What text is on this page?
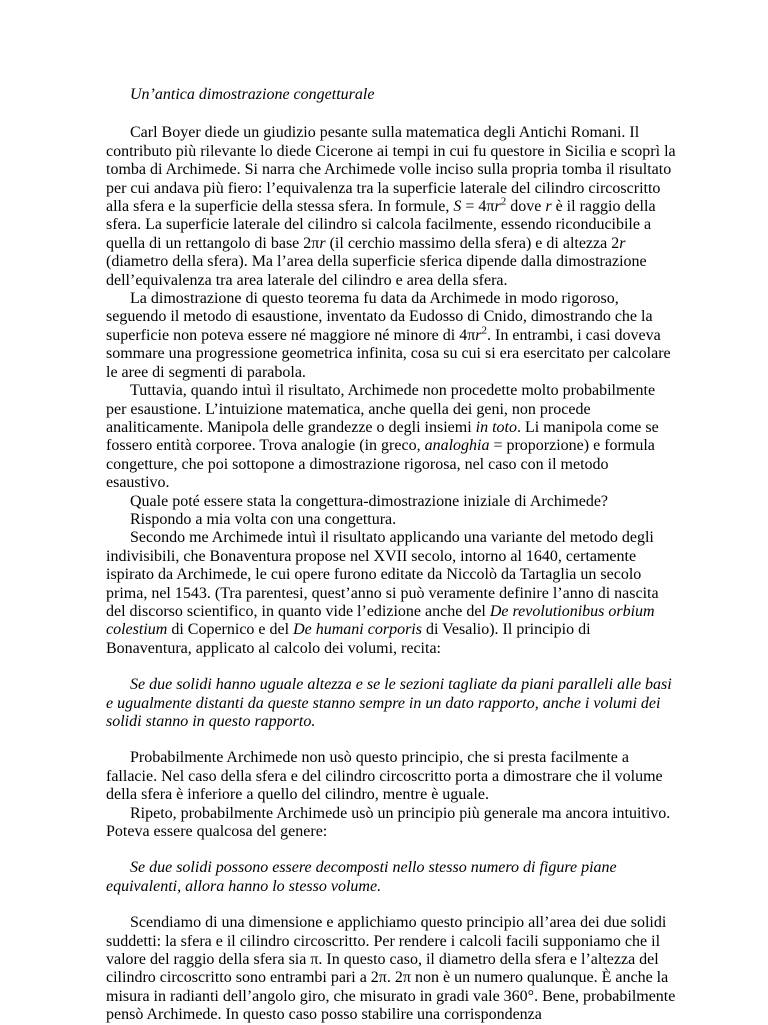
Un’antica dimostrazione congetturale

Carl Boyer diede un giudizio pesante sulla matematica degli Antichi Romani. Il contributo più rilevante lo diede Cicerone ai tempi in cui fu questore in Sicilia e scoprì la tomba di Archimede. Si narra che Archimede volle inciso sulla propria tomba il risultato per cui andava più fiero: l’equivalenza tra la superficie laterale del cilindro circoscritto alla sfera e la superficie della stessa sfera. In formule, $S = 4\pi r^2$ dove r è il raggio della sfera. La superficie laterale del cilindro si calcola facilmente, essendo riconducibile a quella di un rettangolo di base 2πr (il cerchio massimo della sfera) e di altezza 2r (diametro della sfera). Ma l’area della superficie sferica dipende dalla dimostrazione dell’equivalenza tra area laterale del cilindro e area della sfera.

La dimostrazione di questo teorema fu data da Archimede in modo rigoroso, seguendo il metodo di esaustione, inventato da Eudosso di Cnido, dimostrando che la superficie non poteva essere né maggiore né minore di $4\pi r^2$. In entrambi, i casi doveva sommare una progressione geometrica infinita, cosa su cui si era esercitato per calcolare le aree di segmenti di parabola.

Tuttavia, quando intuì il risultato, Archimede non procedette molto probabilmente per esaustione. L’intuizione matematica, anche quella dei geni, non procede analiticamente. Manipola delle grandezze o degli insiemi in toto. Li manipola come se fossero entità corporee. Trova analogie (in greco, analoghia = proporzione) e formula congetture, che poi sottopone a dimostrazione rigorosa, nel caso con il metodo esaustivo.

Quale poté essere stata la congettura-dimostrazione iniziale di Archimede?

Rispondo a mia volta con una congettura.

Secondo me Archimede intuì il risultato applicando una variante del metodo degli indivisibili, che Bonaventura propose nel XVII secolo, intorno al 1640, certamente ispirato da Archimede, le cui opere furono editate da Niccolò da Tartaglia un secolo prima, nel 1543. (Tra parentesi, quest’anno si può veramente definire l’anno di nascita del discorso scientifico, in quanto vide l’edizione anche del De revolutionibus orbium colestium di Copernico e del De humani corporis di Vesalio). Il principio di Bonaventura, applicato al calcolo dei volumi, recita:

Se due solidi hanno uguale altezza e se le sezioni tagliate da piani paralleli alle basi e ugualmente distanti da queste stanno sempre in un dato rapporto, anche i volumi dei solidi stanno in questo rapporto.

Probabilmente Archimede non usò questo principio, che si presta facilmente a fallacie. Nel caso della sfera e del cilindro circoscritto porta a dimostrare che il volume della sfera è inferiore a quello del cilindro, mentre è uguale.

Ripeto, probabilmente Archimede usò un principio più generale ma ancora intuitivo. Poteva essere qualcosa del genere:

Se due solidi possono essere decomposti nello stesso numero di figure piane equivalenti, allora hanno lo stesso volume.

Scendiamo di una dimensione e applichiamo questo principio all’area dei due solidi suddetti: la sfera e il cilindro circoscritto. Per rendere i calcoli facili supponiamo che il valore del raggio della sfera sia π. In questo caso, il diametro della sfera e l’altezza del cilindro circoscritto sono entrambi pari a 2π. 2π non è un numero qualunque. È anche la misura in radianti dell’angolo giro, che misurato in gradi vale 360°. Bene, probabilmente pensò Archimede. In questo caso posso stabilire una corrispondenza
